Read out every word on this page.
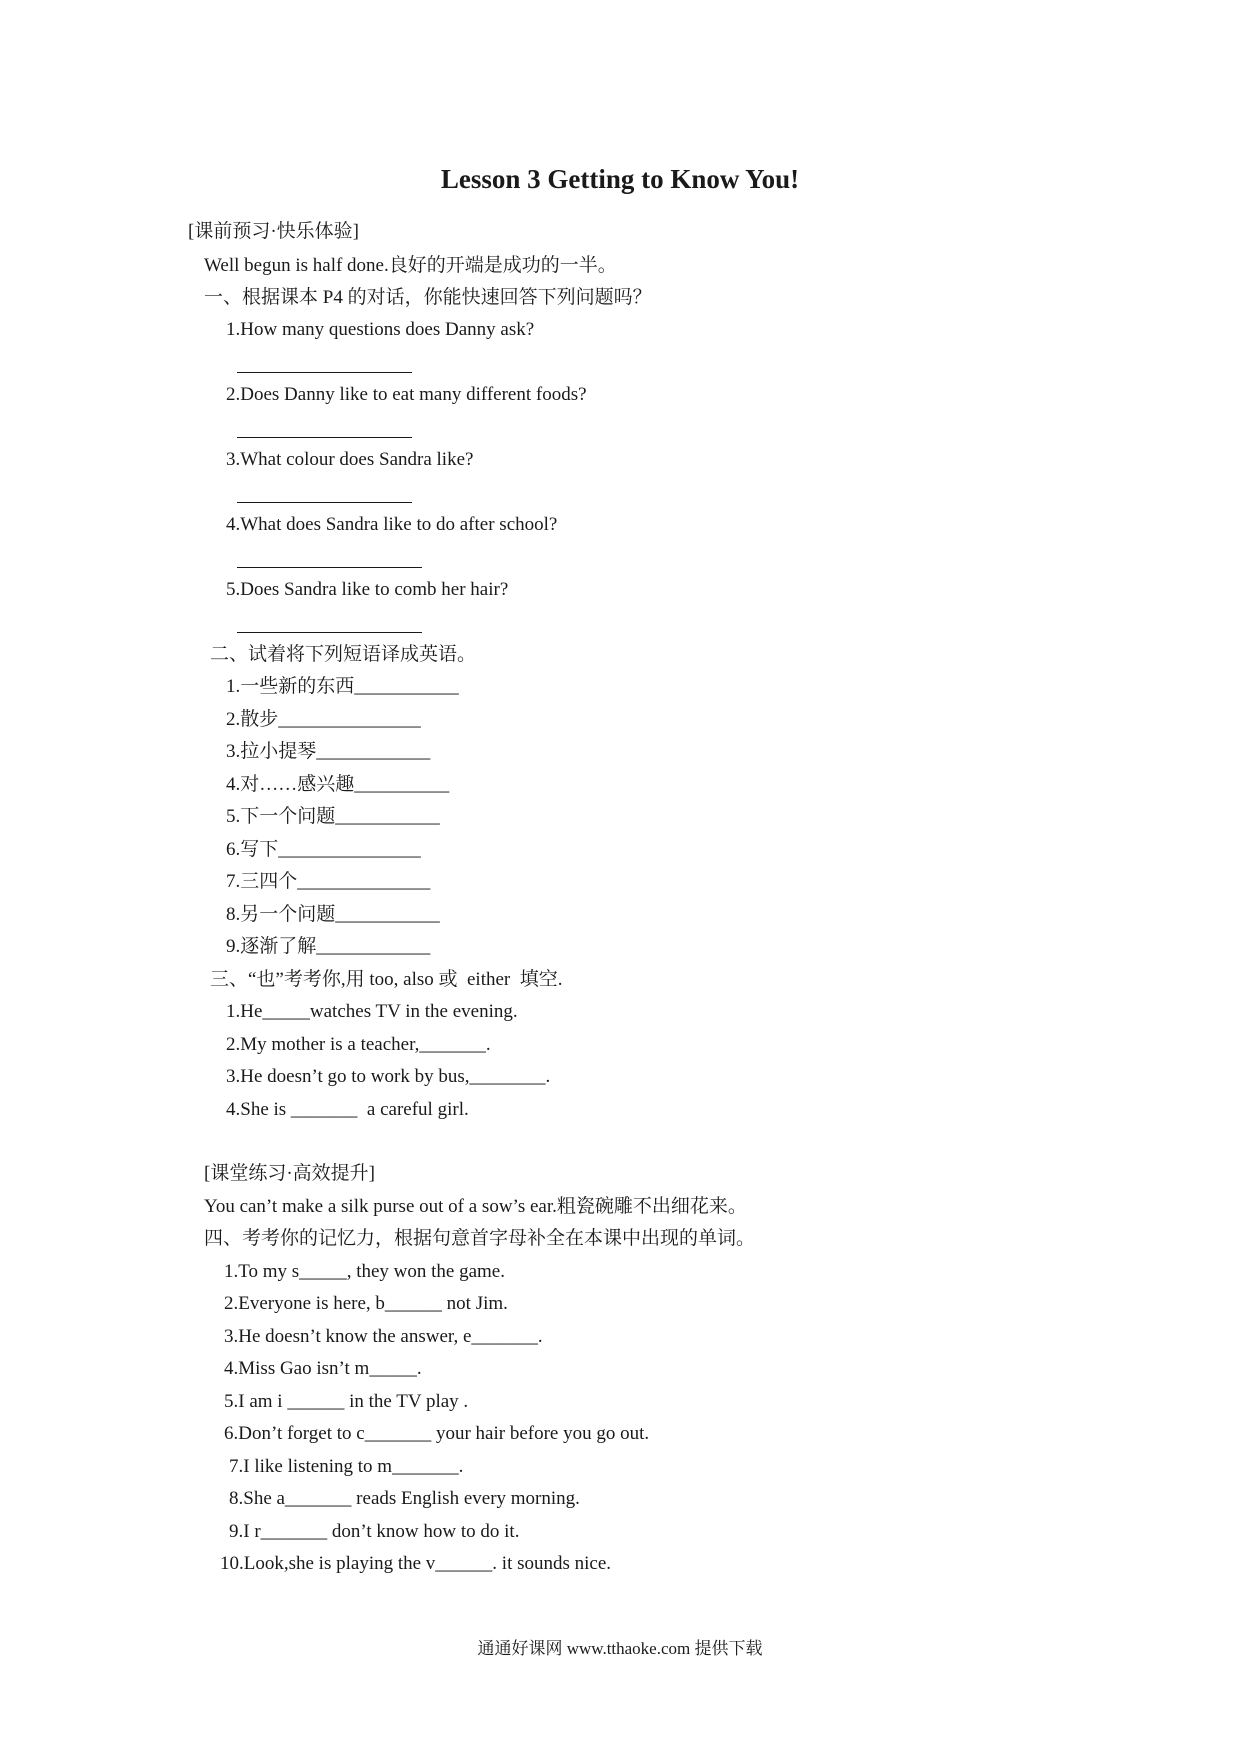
Lesson 3 Getting to Know You!
[课前预习·快乐体验]
Well begun is half done.良好的开端是成功的一半。
一、根据课本 P4 的对话，你能快速回答下列问题吗？
1.How many questions does Danny ask?
2.Does Danny like to eat many different foods?
3.What colour does Sandra like?
4.What does Sandra like to do after school?
5.Does Sandra like to comb her hair?
二、试着将下列短语译成英语。
1.一些新的东西___________
2.散步_______________
3.拉小提琴____________
4.对……感兴趣__________
5.下一个问题___________
6.写下_______________
7.三四个______________
8.另一个问题___________
9.逐渐了解____________
三、“也”考考你,用 too, also 或  either  填空.
1.He_____watches TV in the evening.
2.My mother is a teacher,_______.
3.He doesn’t go to work by bus,________.
4.She is _______  a careful girl.
[课堂练习·高效提升]
You can’t make a silk purse out of a sow’s ear.粗瓷碗雕不出细花来。
四、考考你的记忆力，根据句意首字母补全在本课中出现的单词。
1.To my s_____, they won the game.
2.Everyone is here, b______ not Jim.
3.He doesn’t know the answer, e_______.
4.Miss Gao isn’t m_____.
5.I am i ______ in the TV play .
6.Don’t forget to c_______ your hair before you go out.
7.I like listening to m_______.
8.She a_______ reads English every morning.
9.I r_______ don’t know how to do it.
10.Look,she is playing the v______. it sounds nice.
通通好课网 www.tthaoke.com 提供下载
